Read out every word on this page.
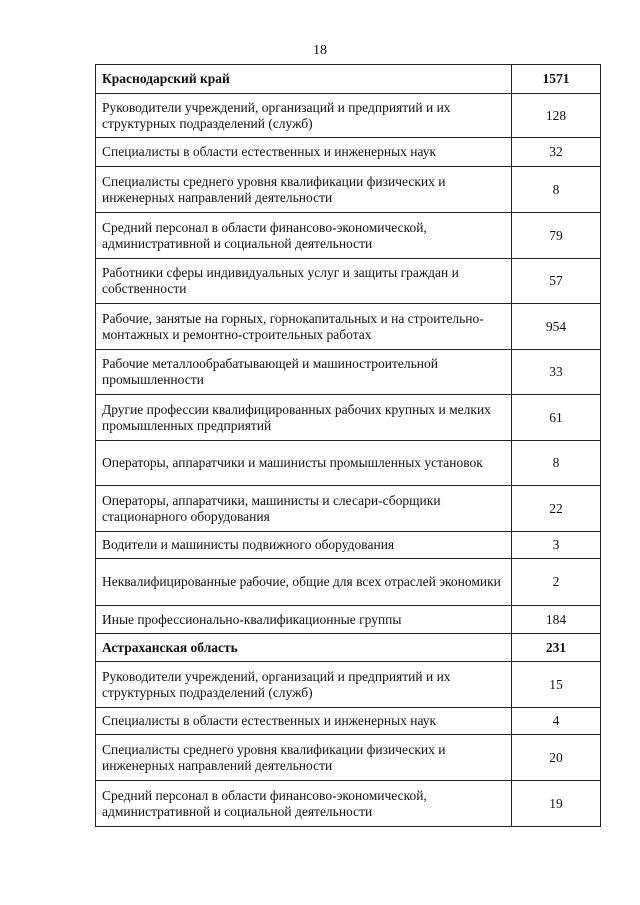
18
Краснодарский край	1571
Руководители учреждений, организаций и предприятий и их структурных подразделений (служб)	128
Специалисты в области естественных и инженерных наук	32
Специалисты среднего уровня квалификации физических и инженерных направлений деятельности	8
Средний персонал в области финансово-экономической, административной и социальной деятельности	79
Работники сферы индивидуальных услуг и защиты граждан и собственности	57
Рабочие, занятые на горных, горнокапитальных и на строительно-монтажных и ремонтно-строительных работах	954
Рабочие металлообрабатывающей и машиностроительной промышленности	33
Другие профессии квалифицированных рабочих крупных и мелких промышленных предприятий	61
Операторы, аппаратчики и машинисты промышленных установок	8
Операторы, аппаратчики, машинисты и слесари-сборщики стационарного оборудования	22
Водители и машинисты подвижного оборудования	3
Неквалифицированные рабочие, общие для всех отраслей экономики	2
Иные профессионально-квалификационные группы	184
Астраханская область	231
Руководители учреждений, организаций и предприятий и их структурных подразделений (служб)	15
Специалисты в области естественных и инженерных наук	4
Специалисты среднего уровня квалификации физических и инженерных направлений деятельности	20
Средний персонал в области финансово-экономической, административной и социальной деятельности	19
